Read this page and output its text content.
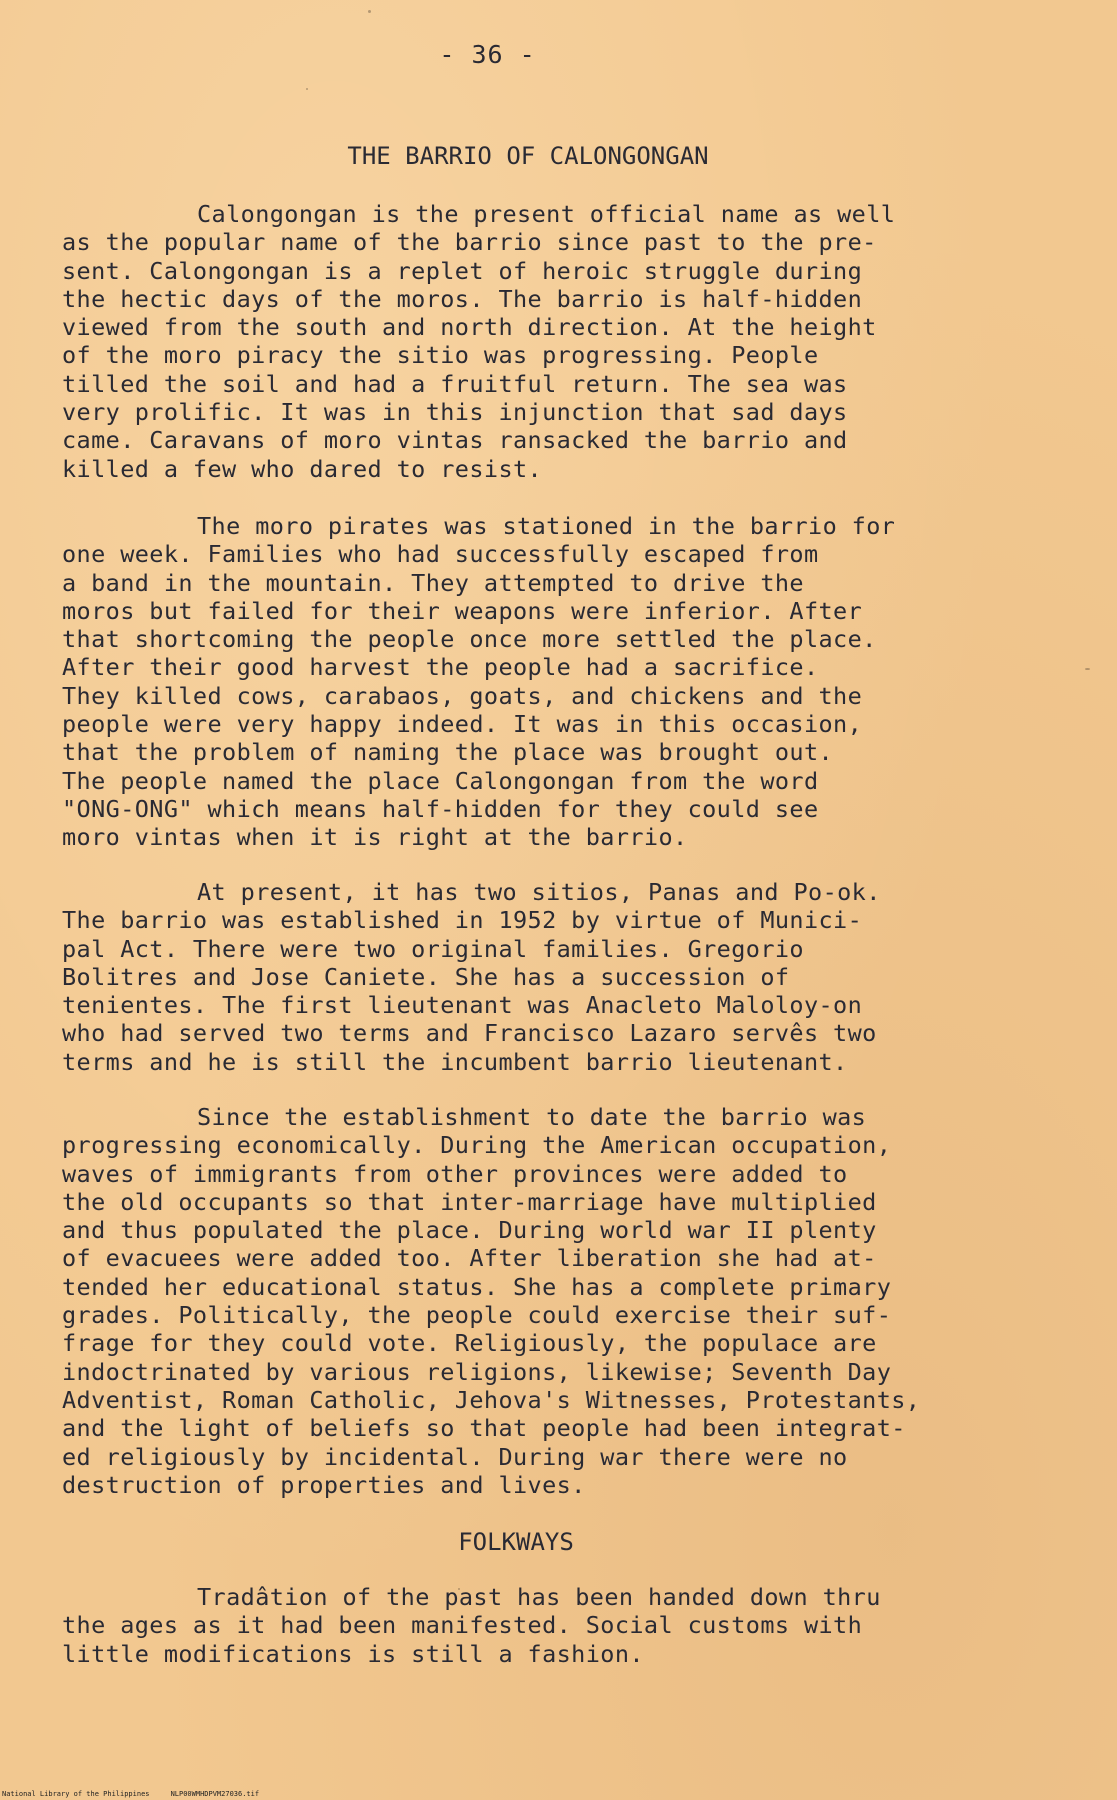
- 36 -
THE BARRIO OF CALONGONGAN
Calongongan is the present official name as well
as the popular name of the barrio since past to the pre-
sent. Calongongan is a replet of heroic struggle during
the hectic days of the moros. The barrio is half-hidden
viewed from the south and north direction. At the height
of the moro piracy the sitio was progressing. People
tilled the soil and had a fruitful return. The sea was
very prolific. It was in this injunction that sad days
came. Caravans of moro vintas ransacked the barrio and
killed a few who dared to resist.
The moro pirates was stationed in the barrio for
one week. Families who had successfully escaped from
a band in the mountain. They attempted to drive the
moros but failed for their weapons were inferior. After
that shortcoming the people once more settled the place.
After their good harvest the people had a sacrifice.
They killed cows, carabaos, goats, and chickens and the
people were very happy indeed. It was in this occasion,
that the problem of naming the place was brought out.
The people named the place Calongongan from the word
"ONG-ONG" which means half-hidden for they could see
moro vintas when it is right at the barrio.
At present, it has two sitios, Panas and Po-ok.
The barrio was established in 1952 by virtue of Munici-
pal Act. There were two original families. Gregorio
Bolitres and Jose Caniete. She has a succession of
tenientes. The first lieutenant was Anacleto Maloloy-on
who had served two terms and Francisco Lazaro servês two
terms and he is still the incumbent barrio lieutenant.
Since the establishment to date the barrio was
progressing economically. During the American occupation,
waves of immigrants from other provinces were added to
the old occupants so that inter-marriage have multiplied
and thus populated the place. During world war II plenty
of evacuees were added too. After liberation she had at-
tended her educational status. She has a complete primary
grades. Politically, the people could exercise their suf-
frage for they could vote. Religiously, the populace are
indoctrinated by various religions, likewise; Seventh Day
Adventist, Roman Catholic, Jehova's Witnesses, Protestants,
and the light of beliefs so that people had been integrat-
ed religiously by incidental. During war there were no
destruction of properties and lives.
FOLKWAYS
Tradâtion of the past has been handed down thru
the ages as it had been manifested. Social customs with
little modifications is still a fashion.
National Library of the Philippines     NLP00WMHDPVM27036.tif
